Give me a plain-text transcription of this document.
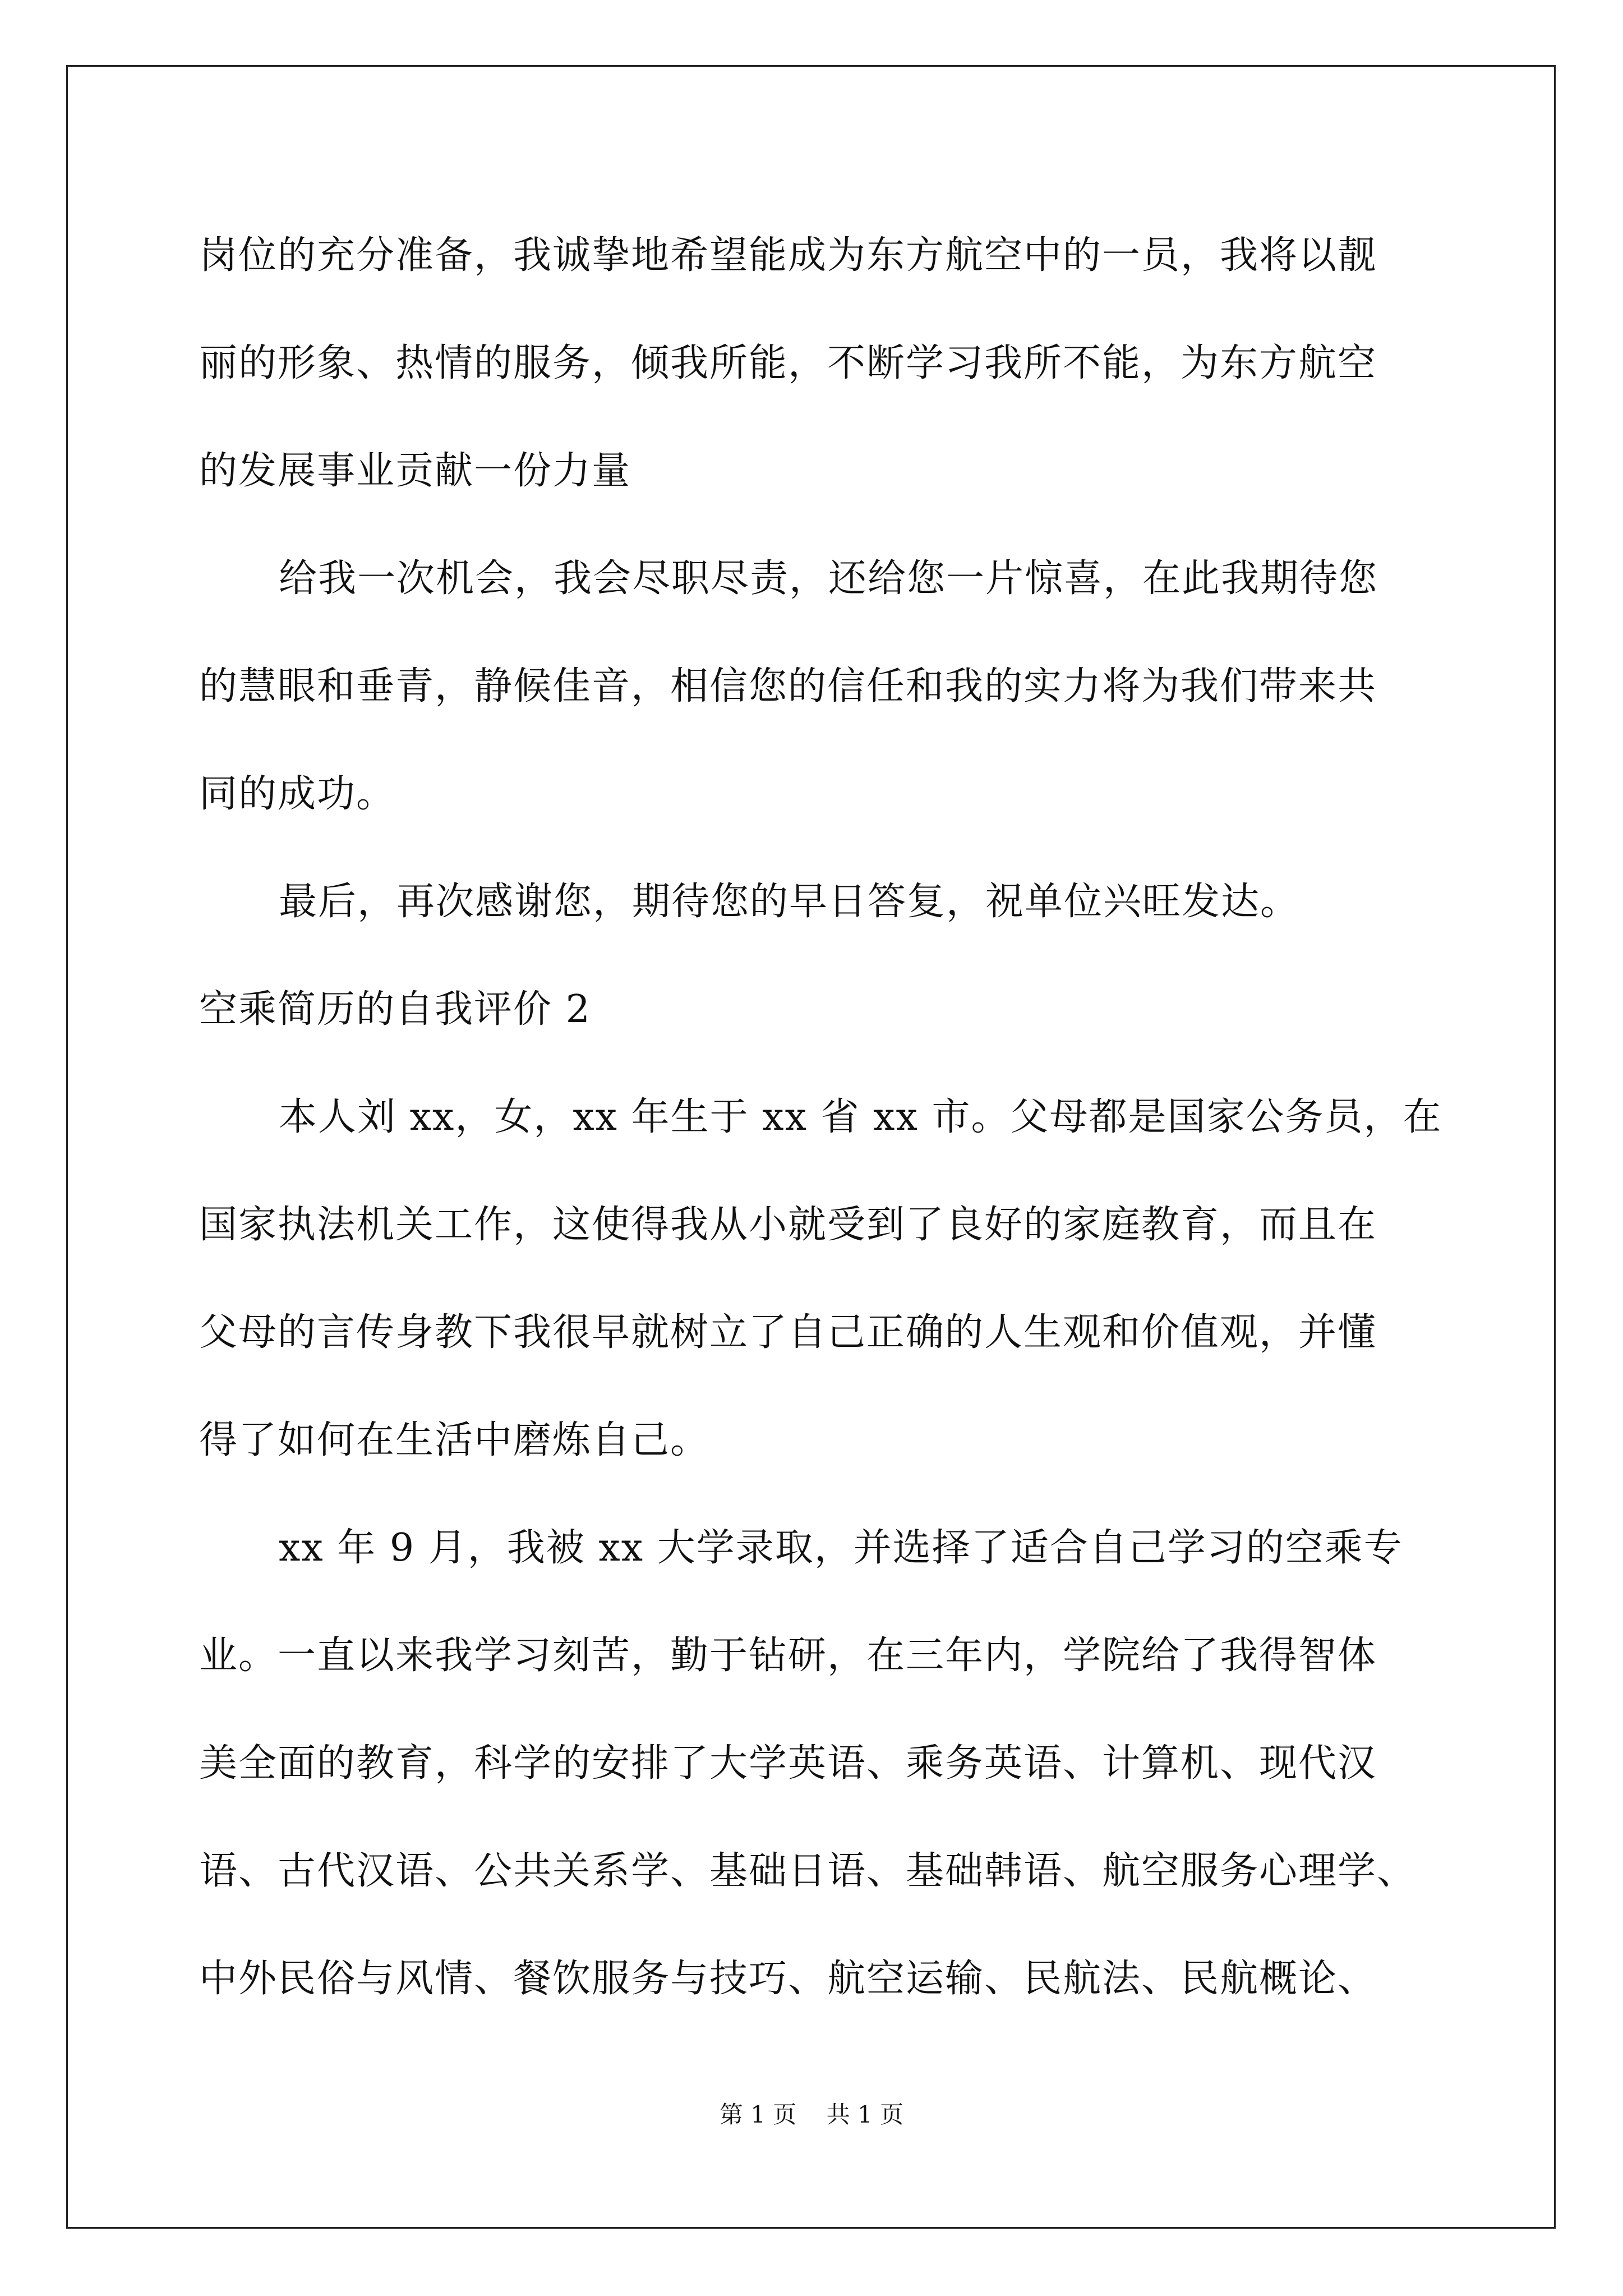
岗位的充分准备，我诚挚地希望能成为东方航空中的一员，我将以靓
丽的形象、热情的服务，倾我所能，不断学习我所不能，为东方航空
的发展事业贡献一份力量
给我一次机会，我会尽职尽责，还给您一片惊喜，在此我期待您
的慧眼和垂青，静候佳音，相信您的信任和我的实力将为我们带来共
同的成功。
最后，再次感谢您，期待您的早日答复，祝单位兴旺发达。
空乘简历的自我评价 2
本人刘 xx，女，xx 年生于 xx 省 xx 市。父母都是国家公务员，在
国家执法机关工作，这使得我从小就受到了良好的家庭教育，而且在
父母的言传身教下我很早就树立了自己正确的人生观和价值观，并懂
得了如何在生活中磨炼自己。
xx 年 9 月，我被 xx 大学录取，并选择了适合自己学习的空乘专
业。一直以来我学习刻苦，勤于钻研，在三年内，学院给了我得智体
美全面的教育，科学的安排了大学英语、乘务英语、计算机、现代汉
语、古代汉语、公共关系学、基础日语、基础韩语、航空服务心理学、
中外民俗与风情、餐饮服务与技巧、航空运输、民航法、民航概论、
第 1 页    共 1 页
